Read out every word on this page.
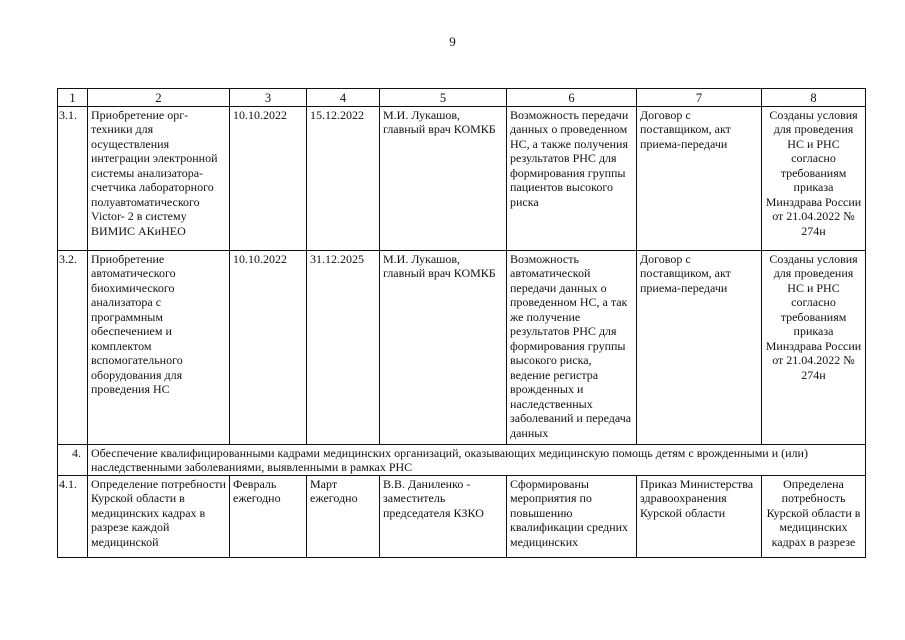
9
1	2	3	4	5	6	7	8
3.1.	Приобретение орг-техники для осуществления интеграции электронной системы анализатора-счетчика лабораторного полуавтоматического Victor- 2 в систему ВИМИС АКиНЕО	10.10.2022	15.12.2022	М.И. Лукашов, главный врач КОМКБ	Возможность передачи данных о проведенном НС, а также получения результатов РНС для формирования группы пациентов высокого риска	Договор с поставщиком, акт приема-передачи	Созданы условия для проведения НС и РНС согласно требованиям приказа Минздрава России от 21.04.2022 № 274н
3.2.	Приобретение автоматического биохимического анализатора с программным обеспечением и комплектом вспомогательного оборудования для проведения НС	10.10.2022	31.12.2025	М.И. Лукашов, главный врач КОМКБ	Возможность автоматической передачи данных о проведенном НС, а так же получение результатов РНС для формирования группы высокого риска, ведение регистра врожденных и наследственных заболеваний и передача данных	Договор с поставщиком, акт приема-передачи	Созданы условия для проведения НС и РНС согласно требованиям приказа Минздрава России от 21.04.2022 № 274н
4.	Обеспечение квалифицированными кадрами медицинских организаций, оказывающих медицинскую помощь детям с врожденными и (или) наследственными заболеваниями, выявленными в рамках РНС						
4.1.	Определение потребности Курской области в медицинских кадрах в разрезе каждой медицинской	Февраль ежегодно	Март ежегодно	В.В. Даниленко - заместитель председателя КЗКО	Сформированы мероприятия по повышению квалификации средних медицинских	Приказ Министерства здравоохранения Курской области	Определена потребность Курской области в медицинских кадрах в разрезе
